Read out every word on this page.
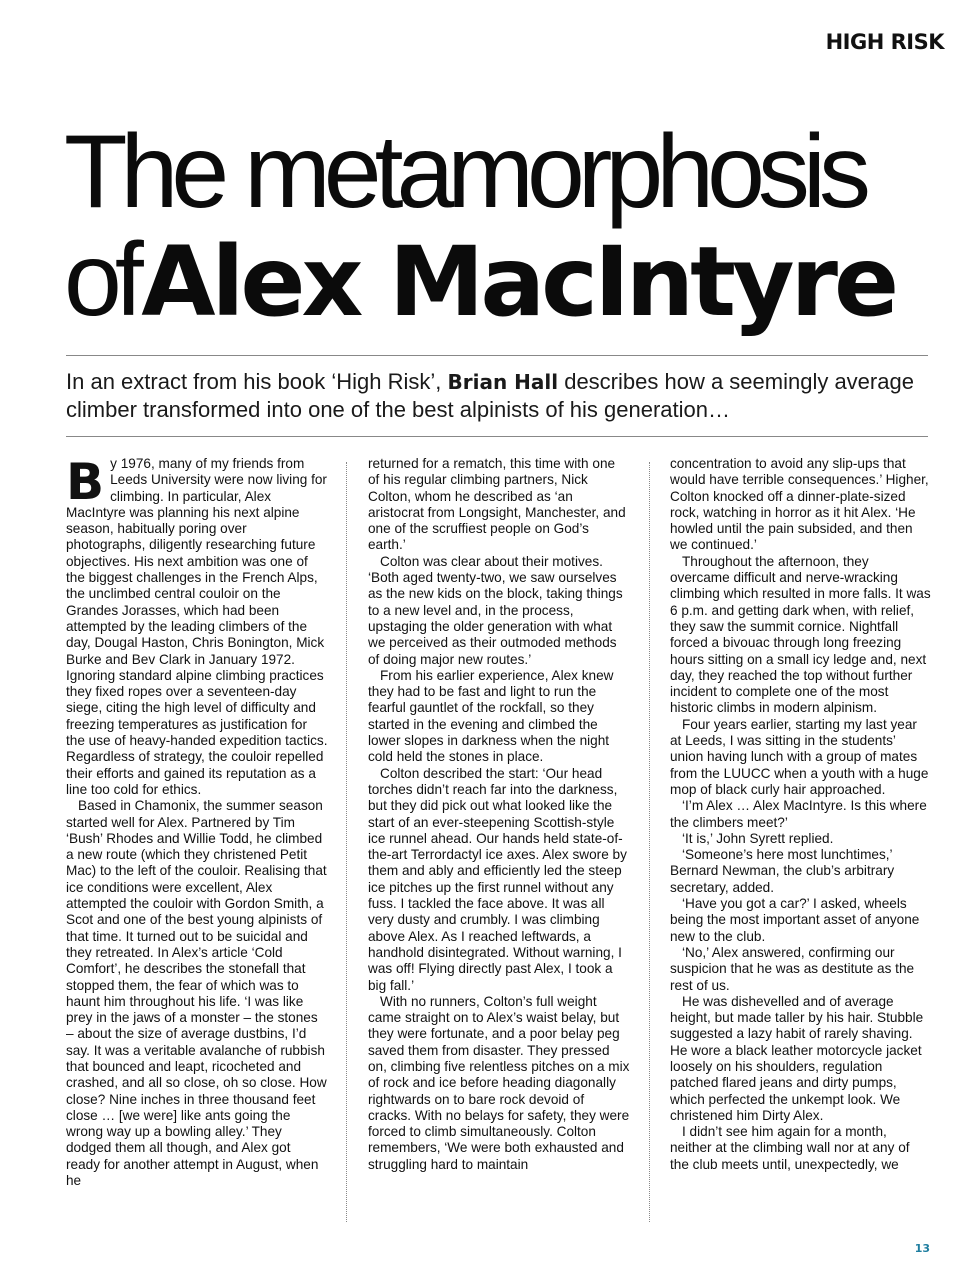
HIGH RISK
The metamorphosis
of Alex MacIntyre
In an extract from his book ‘High Risk’, Brian Hall describes how a seemingly average climber transformed into one of the best alpinists of his generation…

By 1976, many of my friends from Leeds University were now living for climbing. In particular, Alex MacIntyre was planning his next alpine season, habitually poring over photographs, diligently researching future objectives. His next ambition was one of the biggest challenges in the French Alps, the unclimbed central couloir on the Grandes Jorasses, which had been attempted by the leading climbers of the day, Dougal Haston, Chris Bonington, Mick Burke and Bev Clark in January 1972. Ignoring standard alpine climbing practices they fixed ropes over a seventeen-day siege, citing the high level of difficulty and freezing temperatures as justification for the use of heavy-handed expedition tactics. Regardless of strategy, the couloir repelled their efforts and gained its reputation as a line too cold for ethics.

Based in Chamonix, the summer season started well for Alex. Partnered by Tim ‘Bush’ Rhodes and Willie Todd, he climbed a new route (which they christened Petit Mac) to the left of the couloir. Realising that ice conditions were excellent, Alex attempted the couloir with Gordon Smith, a Scot and one of the best young alpinists of that time. It turned out to be suicidal and they retreated. In Alex’s article ‘Cold Comfort’, he describes the stonefall that stopped them, the fear of which was to haunt him throughout his life. ‘I was like prey in the jaws of a monster – the stones – about the size of average dustbins, I’d say. It was a veritable avalanche of rubbish that bounced and leapt, ricocheted and crashed, and all so close, oh so close. How close? Nine inches in three thousand feet close … [we were] like ants going the wrong way up a bowling alley.’ They dodged them all though, and Alex got ready for another attempt in August, when he

returned for a rematch, this time with one of his regular climbing partners, Nick Colton, whom he described as ‘an aristocrat from Longsight, Manchester, and one of the scruffiest people on God’s earth.’

Colton was clear about their motives. ‘Both aged twenty-two, we saw ourselves as the new kids on the block, taking things to a new level and, in the process, upstaging the older generation with what we perceived as their outmoded methods of doing major new routes.’

From his earlier experience, Alex knew they had to be fast and light to run the fearful gauntlet of the rockfall, so they started in the evening and climbed the lower slopes in darkness when the night cold held the stones in place.

Colton described the start: ‘Our head torches didn’t reach far into the darkness, but they did pick out what looked like the start of an ever-steepening Scottish-style ice runnel ahead. Our hands held state-of-the-art Terrordactyl ice axes. Alex swore by them and ably and efficiently led the steep ice pitches up the first runnel without any fuss. I tackled the face above. It was all very dusty and crumbly. I was climbing above Alex. As I reached leftwards, a handhold disintegrated. Without warning, I was off! Flying directly past Alex, I took a big fall.’

With no runners, Colton’s full weight came straight on to Alex’s waist belay, but they were fortunate, and a poor belay peg saved them from disaster. They pressed on, climbing five relentless pitches on a mix of rock and ice before heading diagonally rightwards on to bare rock devoid of cracks. With no belays for safety, they were forced to climb simultaneously. Colton remembers, ‘We were both exhausted and struggling hard to maintain

concentration to avoid any slip-ups that would have terrible consequences.’ Higher, Colton knocked off a dinner-plate-sized rock, watching in horror as it hit Alex. ‘He howled until the pain subsided, and then we continued.’

Throughout the afternoon, they overcame difficult and nerve-wracking climbing which resulted in more falls. It was 6 p.m. and getting dark when, with relief, they saw the summit cornice. Nightfall forced a bivouac through long freezing hours sitting on a small icy ledge and, next day, they reached the top without further incident to complete one of the most historic climbs in modern alpinism.

Four years earlier, starting my last year at Leeds, I was sitting in the students’ union having lunch with a group of mates from the LUUCC when a youth with a huge mop of black curly hair approached.

‘I’m Alex … Alex MacIntyre. Is this where the climbers meet?’

‘It is,’ John Syrett replied.

‘Someone’s here most lunchtimes,’ Bernard Newman, the club’s arbitrary secretary, added.

‘Have you got a car?’ I asked, wheels being the most important asset of anyone new to the club.

‘No,’ Alex answered, confirming our suspicion that he was as destitute as the rest of us.

He was dishevelled and of average height, but made taller by his hair. Stubble suggested a lazy habit of rarely shaving. He wore a black leather motorcycle jacket loosely on his shoulders, regulation patched flared jeans and dirty pumps, which perfected the unkempt look. We christened him Dirty Alex.

I didn’t see him again for a month, neither at the climbing wall nor at any of the club meets until, unexpectedly, we

13
